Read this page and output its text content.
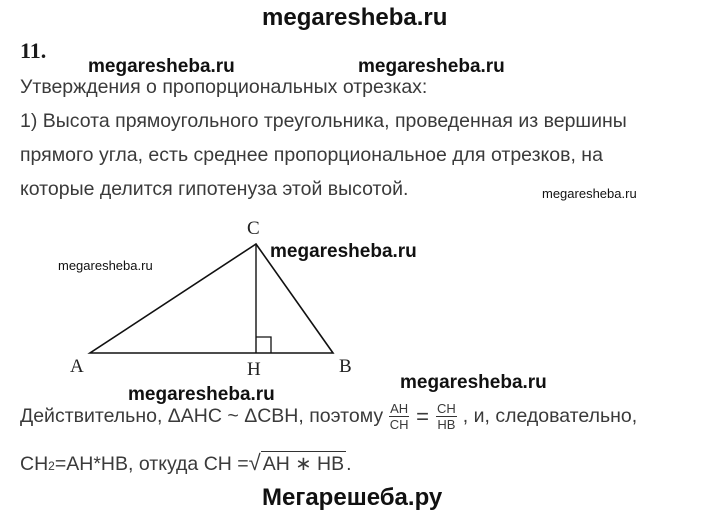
megaresheba.ru
megaresheba.ru	megaresheba.ru
megaresheba.ru
megaresheba.ru
megaresheba.ru
megaresheba.ru
megaresheba.ru
Мегарешеба.ру
11.
Утверждения о пропорциональных отрезках:
1) Высота прямоугольного треугольника, проведенная из вершины
прямого угла, есть среднее пропорциональное для отрезков, на
которые делится гипотенуза этой высотой.
C
A	H	B
Действительно, ΔAHC ~ ΔCBH, поэтому $\frac{AH}{CH} = \frac{CH}{HB}$ , и, следовательно,
CH 2 =AH*HB, откуда CH = √ AH ∗ HB .
